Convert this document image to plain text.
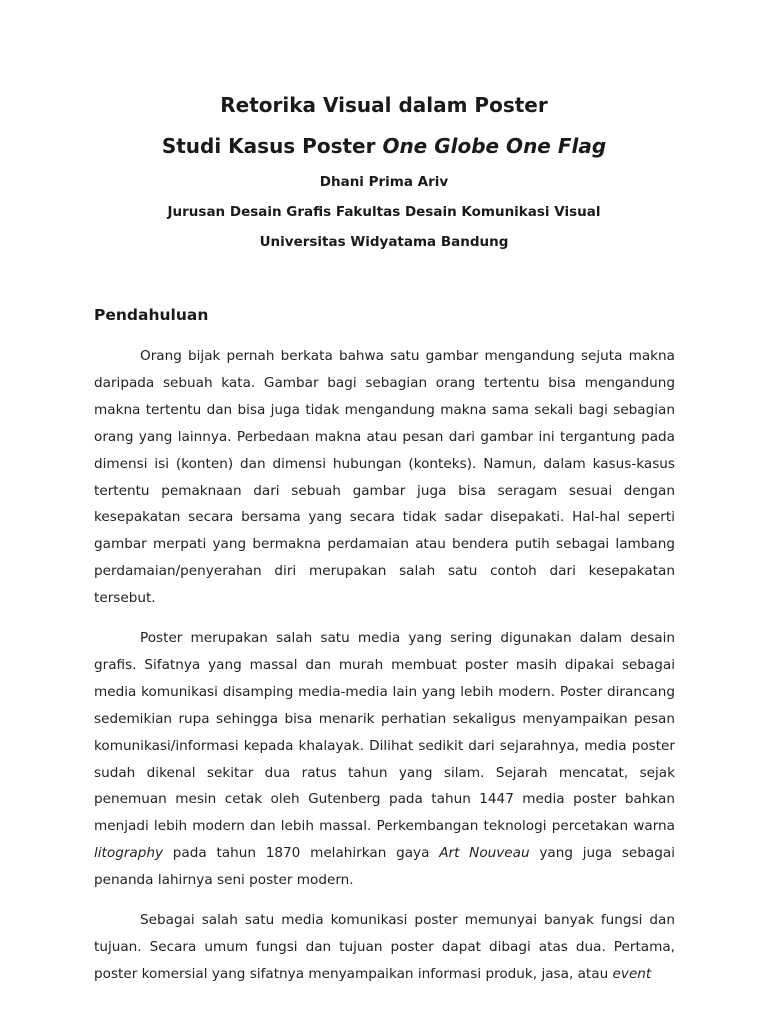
Retorika Visual dalam Poster
Studi Kasus Poster One Globe One Flag
Dhani Prima Ariv
Jurusan Desain Grafis Fakultas Desain Komunikasi Visual
Universitas Widyatama Bandung
Pendahuluan

Orang bijak pernah berkata bahwa satu gambar mengandung sejuta makna daripada sebuah kata. Gambar bagi sebagian orang tertentu bisa mengandung makna tertentu dan bisa juga tidak mengandung makna sama sekali bagi sebagian orang yang lainnya. Perbedaan makna atau pesan dari gambar ini tergantung pada dimensi isi (konten) dan dimensi hubungan (konteks). Namun, dalam kasus-kasus tertentu pemaknaan dari sebuah gambar juga bisa seragam sesuai dengan kesepakatan secara bersama yang secara tidak sadar disepakati. Hal-hal seperti gambar merpati yang bermakna perdamaian atau bendera putih sebagai lambang perdamaian/penyerahan diri merupakan salah satu contoh dari kesepakatan tersebut.

Poster merupakan salah satu media yang sering digunakan dalam desain grafis. Sifatnya yang massal dan murah membuat poster masih dipakai sebagai media komunikasi disamping media-media lain yang lebih modern. Poster dirancang sedemikian rupa sehingga bisa menarik perhatian sekaligus menyampaikan pesan komunikasi/informasi kepada khalayak. Dilihat sedikit dari sejarahnya, media poster sudah dikenal sekitar dua ratus tahun yang silam. Sejarah mencatat, sejak penemuan mesin cetak oleh Gutenberg pada tahun 1447 media poster bahkan menjadi lebih modern dan lebih massal. Perkembangan teknologi percetakan warna litography pada tahun 1870 melahirkan gaya Art Nouveau yang juga sebagai penanda lahirnya seni poster modern.

Sebagai salah satu media komunikasi poster memunyai banyak fungsi dan tujuan. Secara umum fungsi dan tujuan poster dapat dibagi atas dua. Pertama, poster komersial yang sifatnya menyampaikan informasi produk, jasa, atau event
